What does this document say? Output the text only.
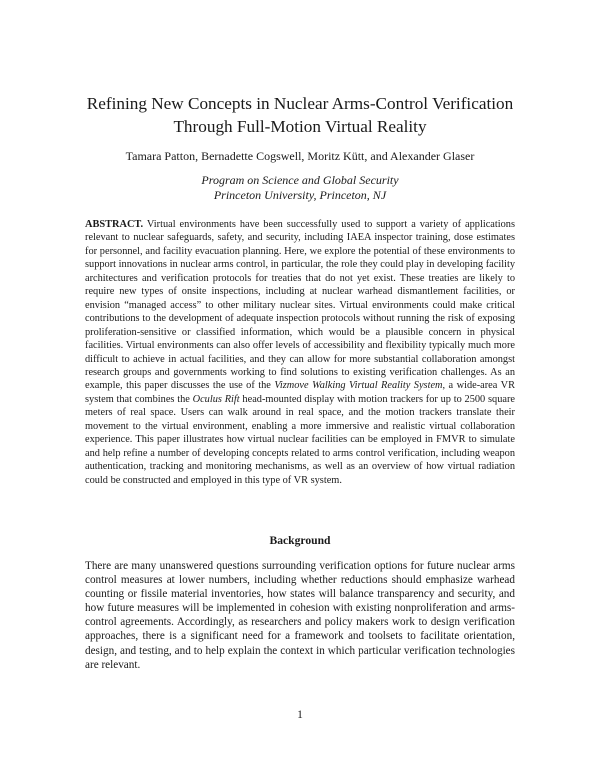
Refining New Concepts in Nuclear Arms-Control Verification
Through Full-Motion Virtual Reality
Tamara Patton, Bernadette Cogswell, Moritz Kütt, and Alexander Glaser
Program on Science and Global Security
Princeton University, Princeton, NJ

ABSTRACT. Virtual environments have been successfully used to support a variety of applications relevant to nuclear safeguards, safety, and security, including IAEA inspector training, dose estimates for personnel, and facility evacuation planning. Here, we explore the potential of these environments to support innovations in nuclear arms control, in particular, the role they could play in developing facility architectures and verification protocols for treaties that do not yet exist. These treaties are likely to require new types of onsite inspections, including at nuclear warhead dismantlement facilities, or envision “managed access” to other military nuclear sites. Virtual environments could make critical contributions to the development of adequate inspection protocols without running the risk of exposing proliferation-sensitive or classified information, which would be a plausible concern in physical facilities. Virtual environments can also offer levels of accessibility and flexibility typically much more difficult to achieve in actual facilities, and they can allow for more substantial collaboration amongst research groups and governments working to find solutions to existing verification challenges. As an example, this paper discusses the use of the Vizmove Walking Virtual Reality System, a wide-area VR system that combines the Oculus Rift head-mounted display with motion trackers for up to 2500 square meters of real space. Users can walk around in real space, and the motion trackers translate their movement to the virtual environment, enabling a more immersive and realistic virtual collaboration experience. This paper illustrates how virtual nuclear facilities can be employed in FMVR to simulate and help refine a number of developing concepts related to arms control verification, including weapon authentication, tracking and monitoring mechanisms, as well as an overview of how virtual radiation could be constructed and employed in this type of VR system.

Background

There are many unanswered questions surrounding verification options for future nuclear arms control measures at lower numbers, including whether reductions should emphasize warhead counting or fissile material inventories, how states will balance transparency and security, and how future measures will be implemented in cohesion with existing nonproliferation and arms-control agreements. Accordingly, as researchers and policy makers work to design verification approaches, there is a significant need for a framework and toolsets to facilitate orientation, design, and testing, and to help explain the context in which particular verification technologies are relevant.

1
